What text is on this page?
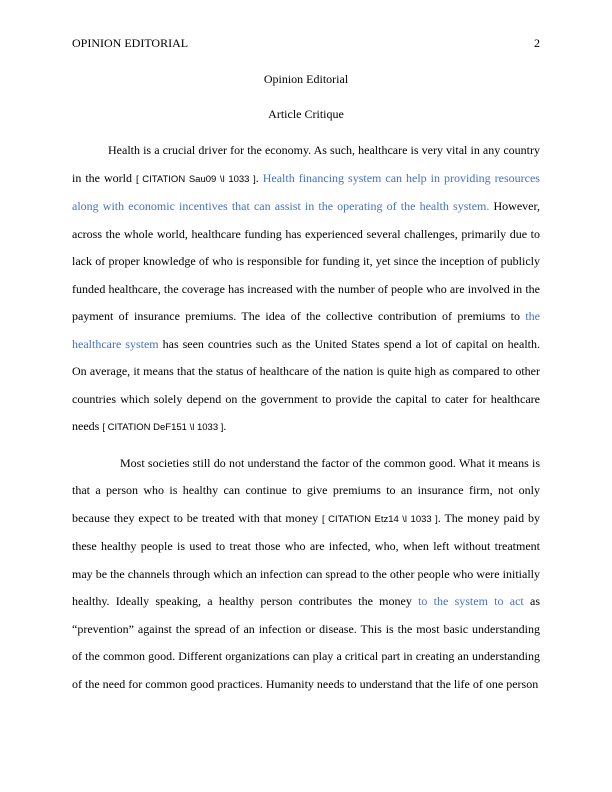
OPINION EDITORIAL	2
Opinion Editorial
Article Critique

Health is a crucial driver for the economy. As such, healthcare is very vital in any country in the world [ CITATION Sau09 \l 1033 ]. Health financing system can help in providing resources along with economic incentives that can assist in the operating of the health system. However, across the whole world, healthcare funding has experienced several challenges, primarily due to lack of proper knowledge of who is responsible for funding it, yet since the inception of publicly funded healthcare, the coverage has increased with the number of people who are involved in the payment of insurance premiums. The idea of the collective contribution of premiums to the healthcare system has seen countries such as the United States spend a lot of capital on health. On average, it means that the status of healthcare of the nation is quite high as compared to other countries which solely depend on the government to provide the capital to cater for healthcare needs [ CITATION DeF151 \l 1033 ].

Most societies still do not understand the factor of the common good. What it means is that a person who is healthy can continue to give premiums to an insurance firm, not only because they expect to be treated with that money [ CITATION Etz14 \l 1033 ]. The money paid by these healthy people is used to treat those who are infected, who, when left without treatment may be the channels through which an infection can spread to the other people who were initially healthy. Ideally speaking, a healthy person contributes the money to the system to act as “prevention” against the spread of an infection or disease. This is the most basic understanding of the common good. Different organizations can play a critical part in creating an understanding of the need for common good practices. Humanity needs to understand that the life of one person
